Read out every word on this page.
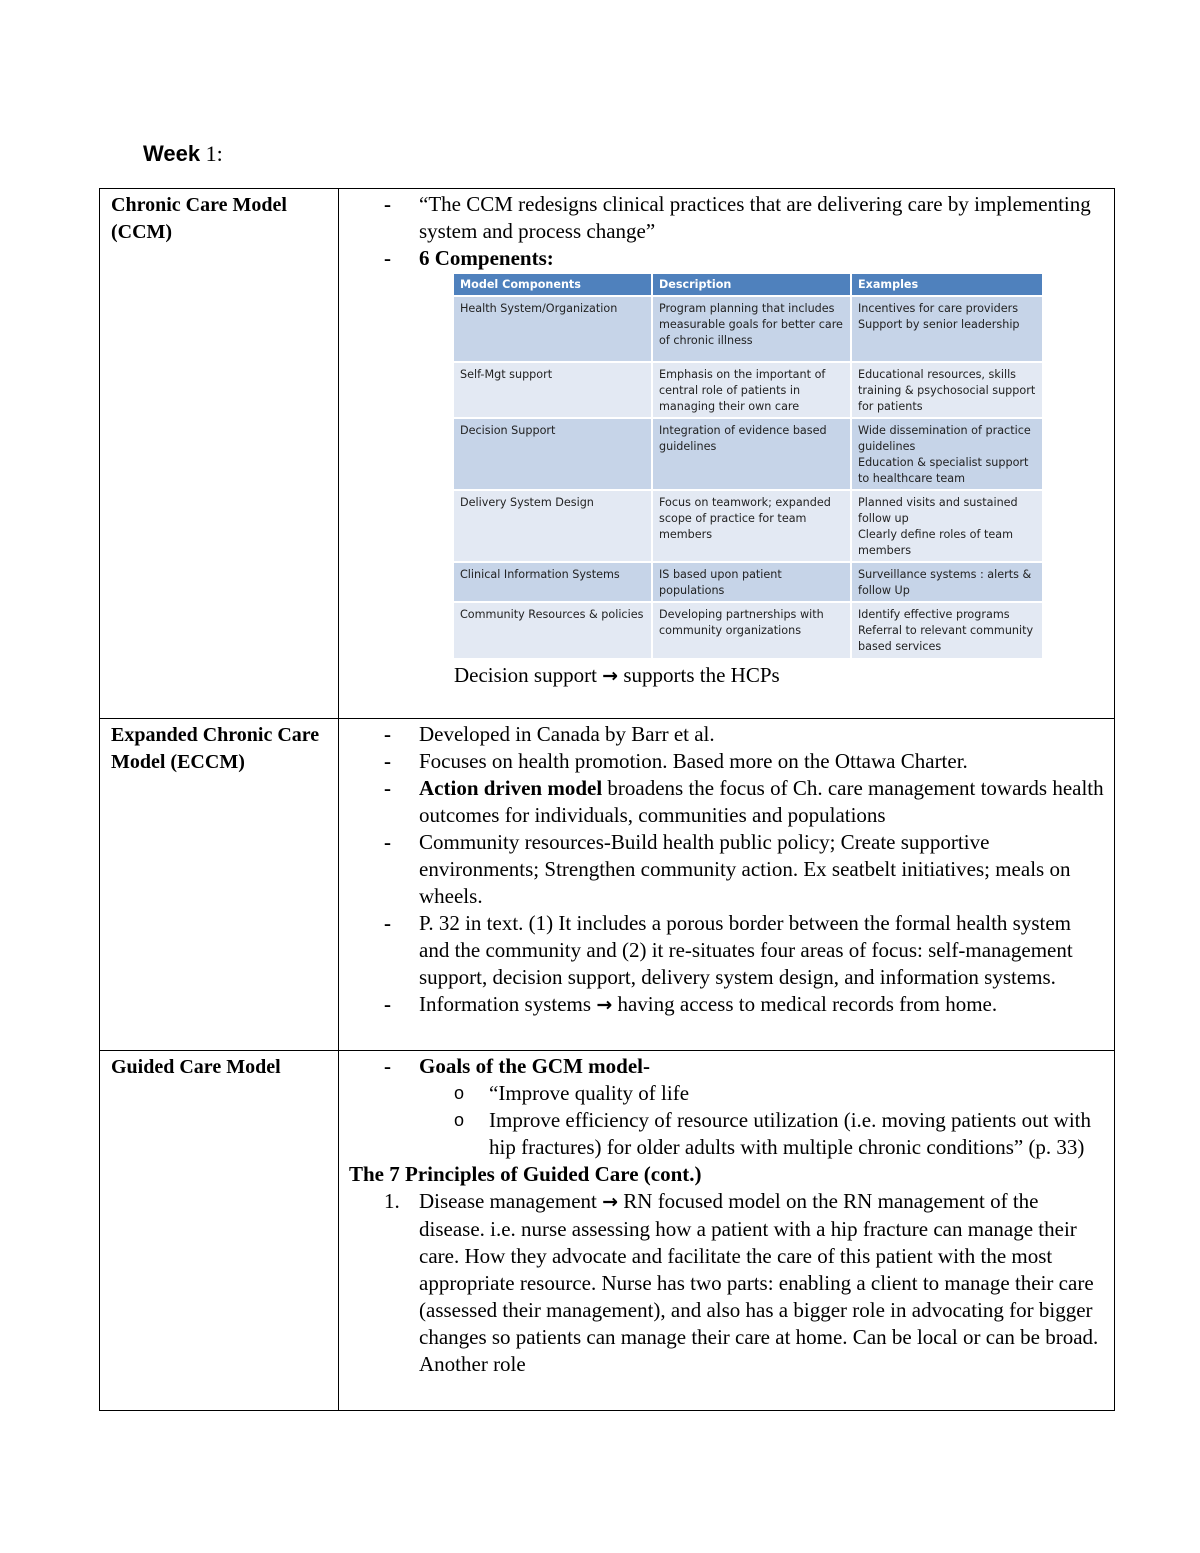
Week 1:
Chronic Care Model (CCM)

- “The CCM redesigns clinical practices that are delivering care by implementing system and process change”
- 6 Compenents:
Model Components	Description	Examples
Health System/Organization	Program planning that includes measurable goals for better care of chronic illness	Incentives for care providers
Support by senior leadership
Self-Mgt support	Emphasis on the important of central role of patients in managing their own care	Educational resources, skills training & psychosocial support for patients
Decision Support	Integration of evidence based guidelines	Wide dissemination of practice guidelines
Education & specialist support to healthcare team
Delivery System Design	Focus on teamwork; expanded scope of practice for team members	Planned visits and sustained follow up
Clearly define roles of team members
Clinical Information Systems	IS based upon patient populations	Surveillance systems : alerts & follow Up
Community Resources & policies	Developing partnerships with community organizations	Identify effective programs
Referral to relevant community based services
Decision support → supports the HCPs

Expanded Chronic Care Model (ECCM)

- Developed in Canada by Barr et al.
- Focuses on health promotion. Based more on the Ottawa Charter.
- Action driven model broadens the focus of Ch. care management towards health outcomes for individuals, communities and populations
- Community resources-Build health public policy; Create supportive environments; Strengthen community action. Ex seatbelt initiatives; meals on wheels.
- P. 32 in text. (1) It includes a porous border between the formal health system and the community and (2) it re-situates four areas of focus: self-management support, decision support, delivery system design, and information systems.
- Information systems → having access to medical records from home.

Guided Care Model

-Goals of the GCM model-
o “Improve quality of life
o Improve efficiency of resource utilization (i.e. moving patients out with hip fractures) for older adults with multiple chronic conditions” (p. 33)
The 7 Principles of Guided Care (cont.)
1. Disease management → RN focused model on the RN management of the disease. i.e. nurse assessing how a patient with a hip fracture can manage their care. How they advocate and facilitate the care of this patient with the most appropriate resource. Nurse has two parts: enabling a client to manage their care (assessed their management), and also has a bigger role in advocating for bigger changes so patients can manage their care at home. Can be local or can be broad. Another role
